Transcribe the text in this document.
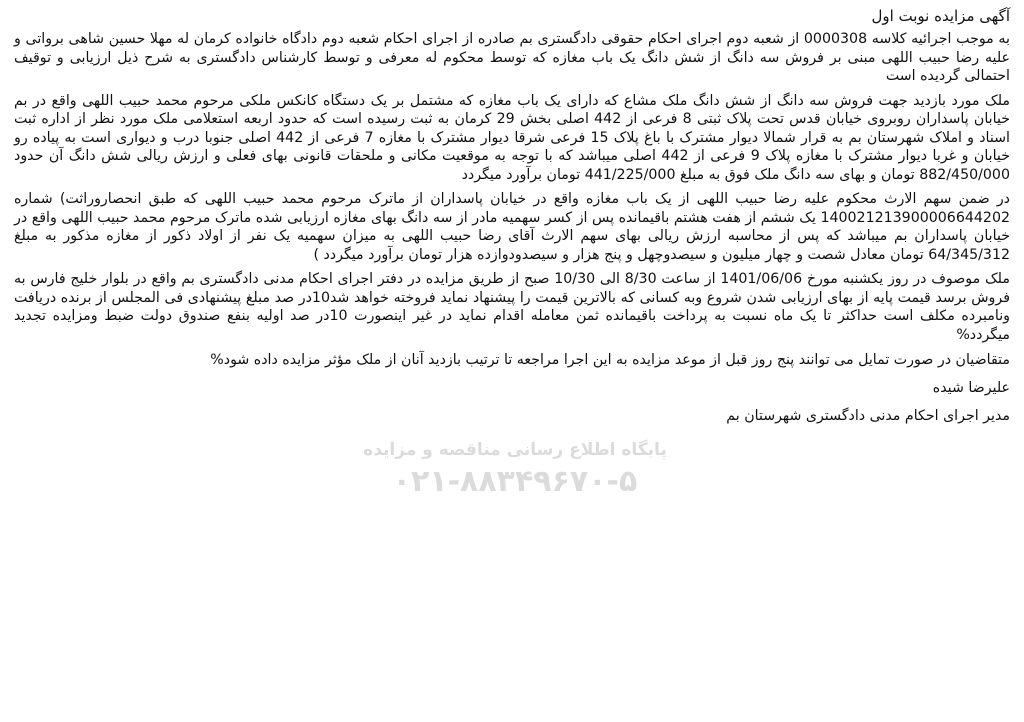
آگهی مزایده نوبت اول

به موجب اجرائیه کلاسه 0000308 از شعبه دوم اجرای احکام حقوقی دادگستری بم صادره از اجرای احکام شعبه دوم دادگاه خانواده کرمان له مهلا حسین شاهی برواتی و علیه رضا حبیب اللهی مبنی بر فروش سه دانگ از شش دانگ یک باب مغازه که توسط محکوم له معرفی و توسط کارشناس دادگستری به شرح ذیل ارزیابی و توقیف احتمالی گردیده است

ملک مورد بازدید جهت فروش سه دانگ از شش دانگ ملک مشاع که دارای یک باب مغازه که مشتمل بر یک دستگاه کانکس ملکی مرحوم محمد حبیب اللهی واقع در بم خیابان پاسداران روبروی خیابان قدس تحت پلاک ثبتی 8 فرعی از 442 اصلی بخش 29 کرمان به ثبت رسیده است که حدود اربعه استعلامی ملک مورد نظر از اداره ثبت اسناد و املاک شهرستان بم به قرار شمالا دیوار مشترک با باغ پلاک 15 فرعی شرقا دیوار مشترک با مغازه 7 فرعی از 442 اصلی جنوبا درب و دیواری است به پیاده رو خیابان و غربا دیوار مشترک با مغازه پلاک 9 فرعی از 442 اصلی میباشد که با توجه به موقعیت مکانی و ملحقات قانونی بهای فعلی و ارزش ریالی شش دانگ آن حدود 882/450/000 تومان و بهای سه دانگ ملک فوق به مبلغ 441/225/000 تومان برآورد میگردد

در ضمن سهم الارث محکوم علیه رضا حبیب اللهی از یک باب مغازه واقع در خیابان پاسداران از ماترک مرحوم محمد حبیب اللهی که طبق انحصاروراثت) شماره 140021213900006644202 یک ششم از هفت هشتم باقیمانده پس از کسر سهمیه مادر از سه دانگ بهای مغازه ارزیابی شده ماترک مرحوم محمد حبیب اللهی واقع در خیابان پاسداران بم میباشد که پس از محاسبه ارزش ریالی بهای سهم الارث آقای رضا حبیب اللهی به میزان سهمیه یک نفر از اولاد ذکور از مغازه مذکور به مبلغ 64/345/312 تومان معادل شصت و چهار میلیون و سیصدوچهل و پنج هزار و سیصدودوازده هزار تومان برآورد میگردد )

ملک موصوف در روز یکشنبه مورخ 1401/06/06 از ساعت 8/30 الی 10/30 صبح از طریق مزایده در دفتر اجرای احکام مدنی دادگستری بم واقع در بلوار خلیج فارس به فروش برسد قیمت پایه از بهای ارزیابی شدن شروع وبه کسانی که بالاترین قیمت را پیشنهاد نماید فروخته خواهد شد10در صد مبلغ پیشنهادی فی المجلس از برنده دریافت ونامبرده مکلف است حداکثر تا یک ماه نسبت به پرداخت باقیمانده ثمن معامله اقدام نماید در غیر اینصورت 10در صد اولیه بنفع صندوق دولت ضبط ومزایده تجدید میگردد%

متقاضیان در صورت تمایل می توانند پنج روز قبل از موعد مزایده به این اجرا مراجعه تا ترتیب بازدید آنان از ملک مؤثر مزایده داده شود%
علیرضا شیده
مدیر اجرای احکام مدنی دادگستری شهرستان بم
پایگاه اطلاع رسانی مناقصه و مزایده
۰۲۱-۸۸۳۴۹۶۷۰-۵
